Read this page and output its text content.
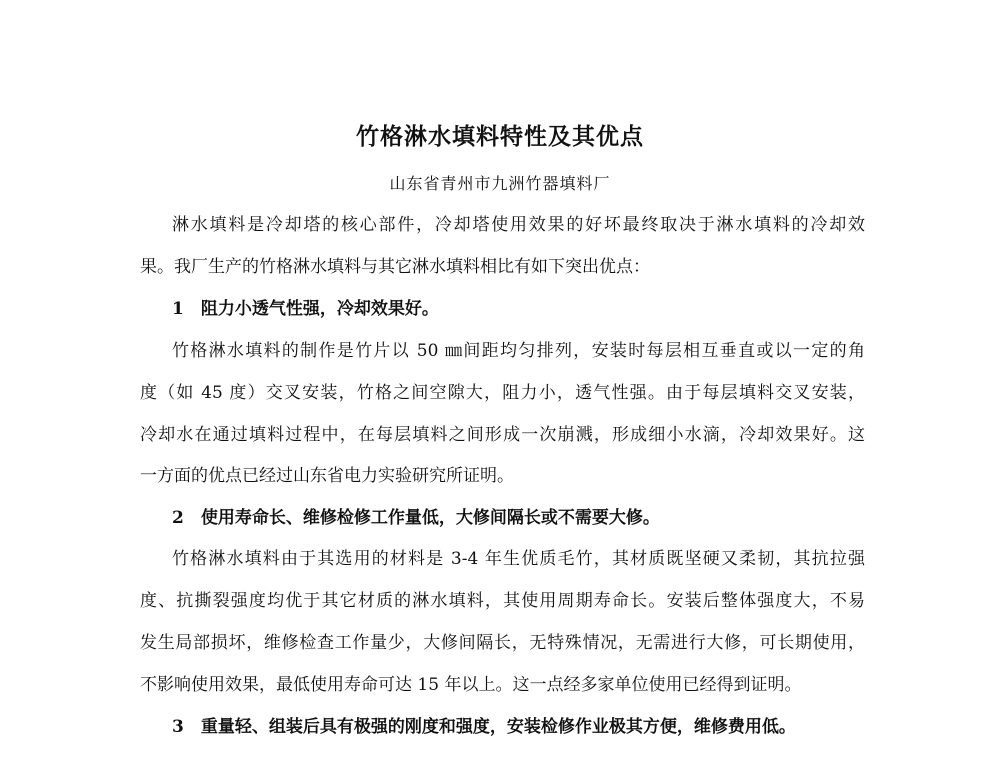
竹格淋水填料特性及其优点
山东省青州市九洲竹器填料厂
淋水填料是冷却塔的核心部件，冷却塔使用效果的好坏最终取决于淋水填料的冷却效
果。我厂生产的竹格淋水填料与其它淋水填料相比有如下突出优点：
1　阻力小透气性强，冷却效果好。
竹格淋水填料的制作是竹片以 50 ㎜间距均匀排列，安装时每层相互垂直或以一定的角
度（如 45 度）交叉安装，竹格之间空隙大，阻力小，透气性强。由于每层填料交叉安装，
冷却水在通过填料过程中，在每层填料之间形成一次崩溅，形成细小水滴，冷却效果好。这
一方面的优点已经过山东省电力实验研究所证明。
2　使用寿命长、维修检修工作量低，大修间隔长或不需要大修。
竹格淋水填料由于其选用的材料是 3-4 年生优质毛竹，其材质既坚硬又柔韧，其抗拉强
度、抗撕裂强度均优于其它材质的淋水填料，其使用周期寿命长。安装后整体强度大，不易
发生局部损坏，维修检查工作量少，大修间隔长，无特殊情况，无需进行大修，可长期使用，
不影响使用效果，最低使用寿命可达 15 年以上。这一点经多家单位使用已经得到证明。
3　重量轻、组装后具有极强的刚度和强度，安装检修作业极其方便，维修费用低。
